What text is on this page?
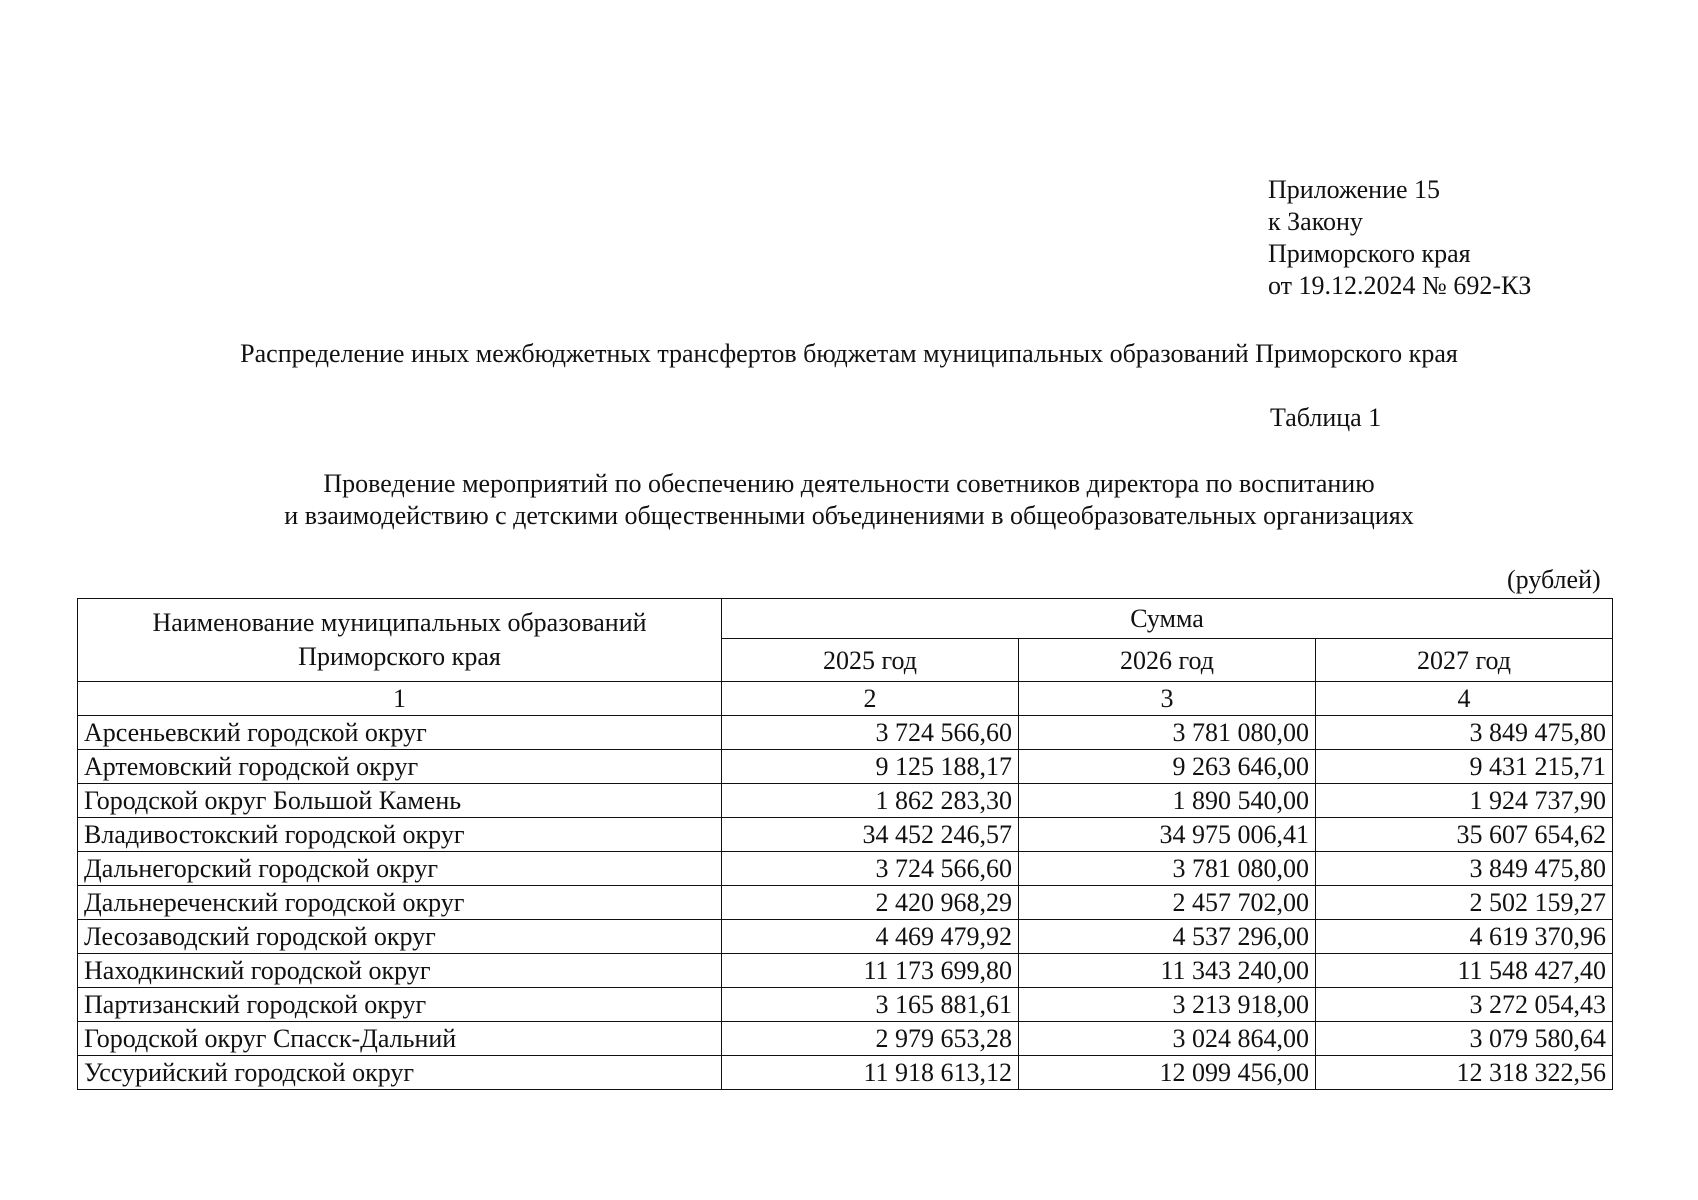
Приложение 15
к Закону
Приморского края
от 19.12.2024 № 692-КЗ
Распределение иных межбюджетных трансфертов бюджетам муниципальных образований Приморского края
Таблица 1
Проведение мероприятий по обеспечению деятельности советников директора по воспитанию
и взаимодействию с детскими общественными объединениями в общеобразовательных организациях
(рублей)
Наименование муниципальных образований Приморского края	Сумма		
	2025 год	2026 год	2027 год
1	2	3	4
Арсеньевский городской округ	3 724 566,60	3 781 080,00	3 849 475,80
Артемовский городской округ	9 125 188,17	9 263 646,00	9 431 215,71
Городской округ Большой Камень	1 862 283,30	1 890 540,00	1 924 737,90
Владивостокский городской округ	34 452 246,57	34 975 006,41	35 607 654,62
Дальнегорский городской округ	3 724 566,60	3 781 080,00	3 849 475,80
Дальнереченский городской округ	2 420 968,29	2 457 702,00	2 502 159,27
Лесозаводский городской округ	4 469 479,92	4 537 296,00	4 619 370,96
Находкинский городской округ	11 173 699,80	11 343 240,00	11 548 427,40
Партизанский городской округ	3 165 881,61	3 213 918,00	3 272 054,43
Городской округ Спасск-Дальний	2 979 653,28	3 024 864,00	3 079 580,64
Уссурийский городской округ	11 918 613,12	12 099 456,00	12 318 322,56
